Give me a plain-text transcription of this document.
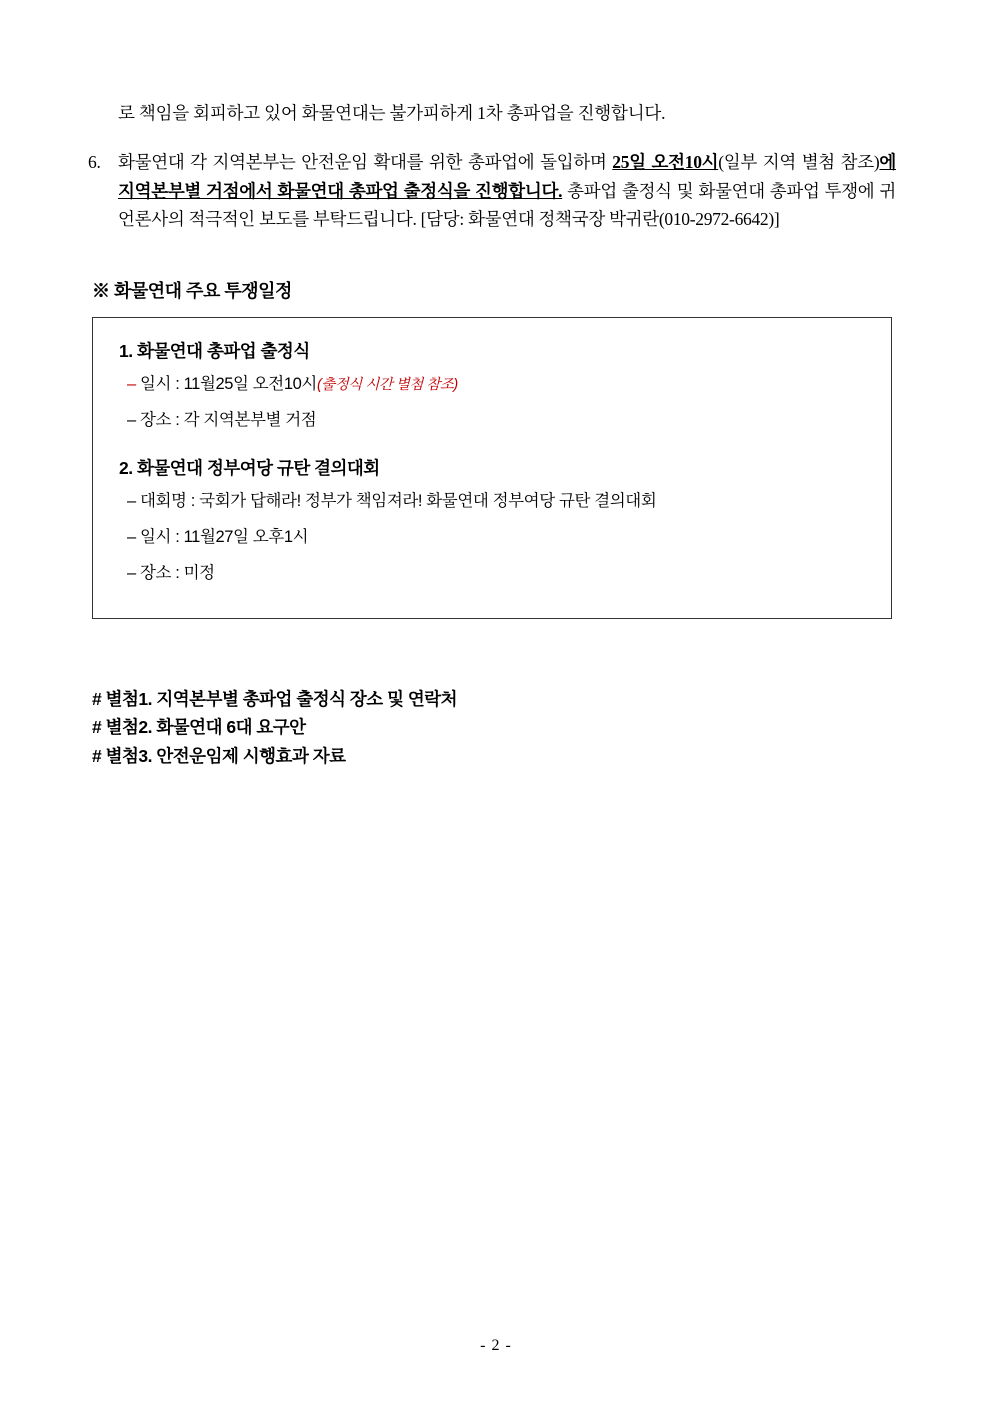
로 책임을 회피하고 있어 화물연대는 불가피하게 1차 총파업을 진행합니다.

6. 화물연대 각 지역본부는 안전운임 확대를 위한 총파업에 돌입하며 25일 오전10시(일부 지역 별첨 참조)에 지역본부별 거점에서 화물연대 총파업 출정식을 진행합니다. 총파업 출정식 및 화물연대 총파업 투쟁에 귀 언론사의 적극적인 보도를 부탁드립니다. [담당: 화물연대 정책국장 박귀란(010-2972-6642)]
※ 화물연대 주요 투쟁일정
1. 화물연대 총파업 출정식
– 일시 : 11월25일 오전10시(출정식 시간 별첨 참조)
– 장소 : 각 지역본부별 거점
2. 화물연대 정부여당 규탄 결의대회
– 대회명 : 국회가 답해라! 정부가 책임져라! 화물연대 정부여당 규탄 결의대회
– 일시 : 11월27일 오후1시
– 장소 : 미정
# 별첨1. 지역본부별 총파업 출정식 장소 및 연락처
# 별첨2. 화물연대 6대 요구안
# 별첨3. 안전운임제 시행효과 자료
- 2 -
